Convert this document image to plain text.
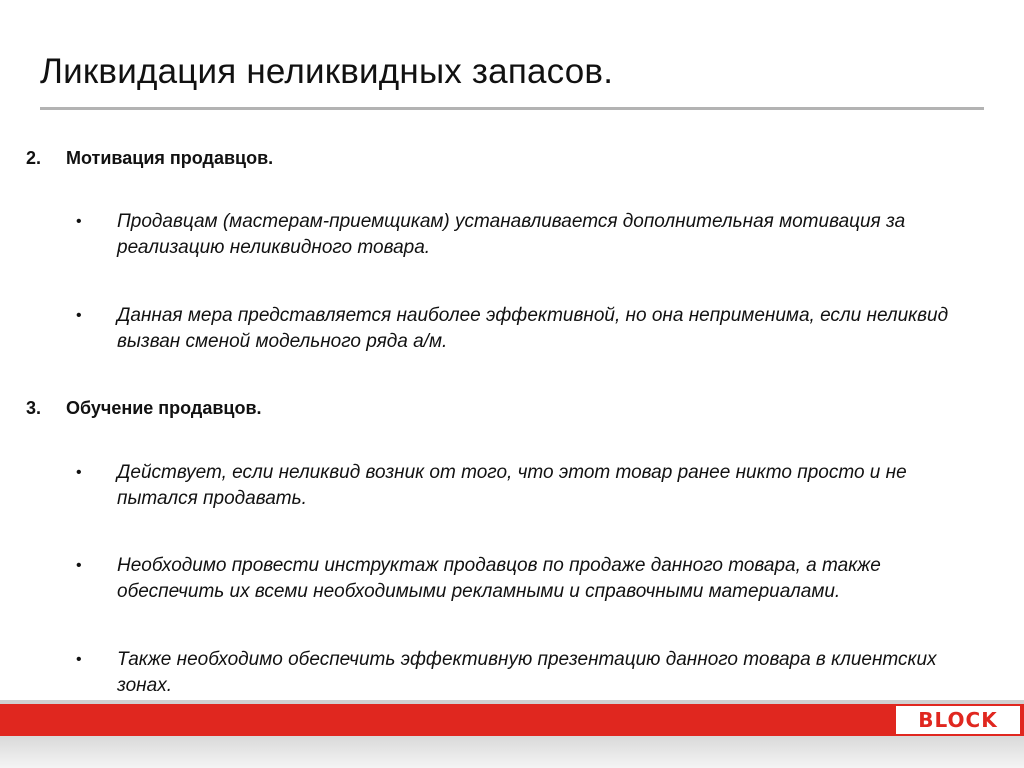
Ликвидация неликвидных запасов.
2. Мотивация продавцов.
• Продавцам (мастерам-приемщикам) устанавливается дополнительная мотивация за реализацию неликвидного товара.
• Данная мера представляется наиболее эффективной, но она неприменима, если неликвид вызван сменой модельного ряда а/м.
3. Обучение продавцов.
• Действует, если неликвид возник от того, что этот товар ранее никто просто и не пытался продавать.
• Необходимо провести инструктаж продавцов по продаже данного товара, а также обеспечить их всеми необходимыми рекламными и справочными материалами.
• Также необходимо обеспечить эффективную презентацию данного товара в клиентских зонах.
BLOCK
